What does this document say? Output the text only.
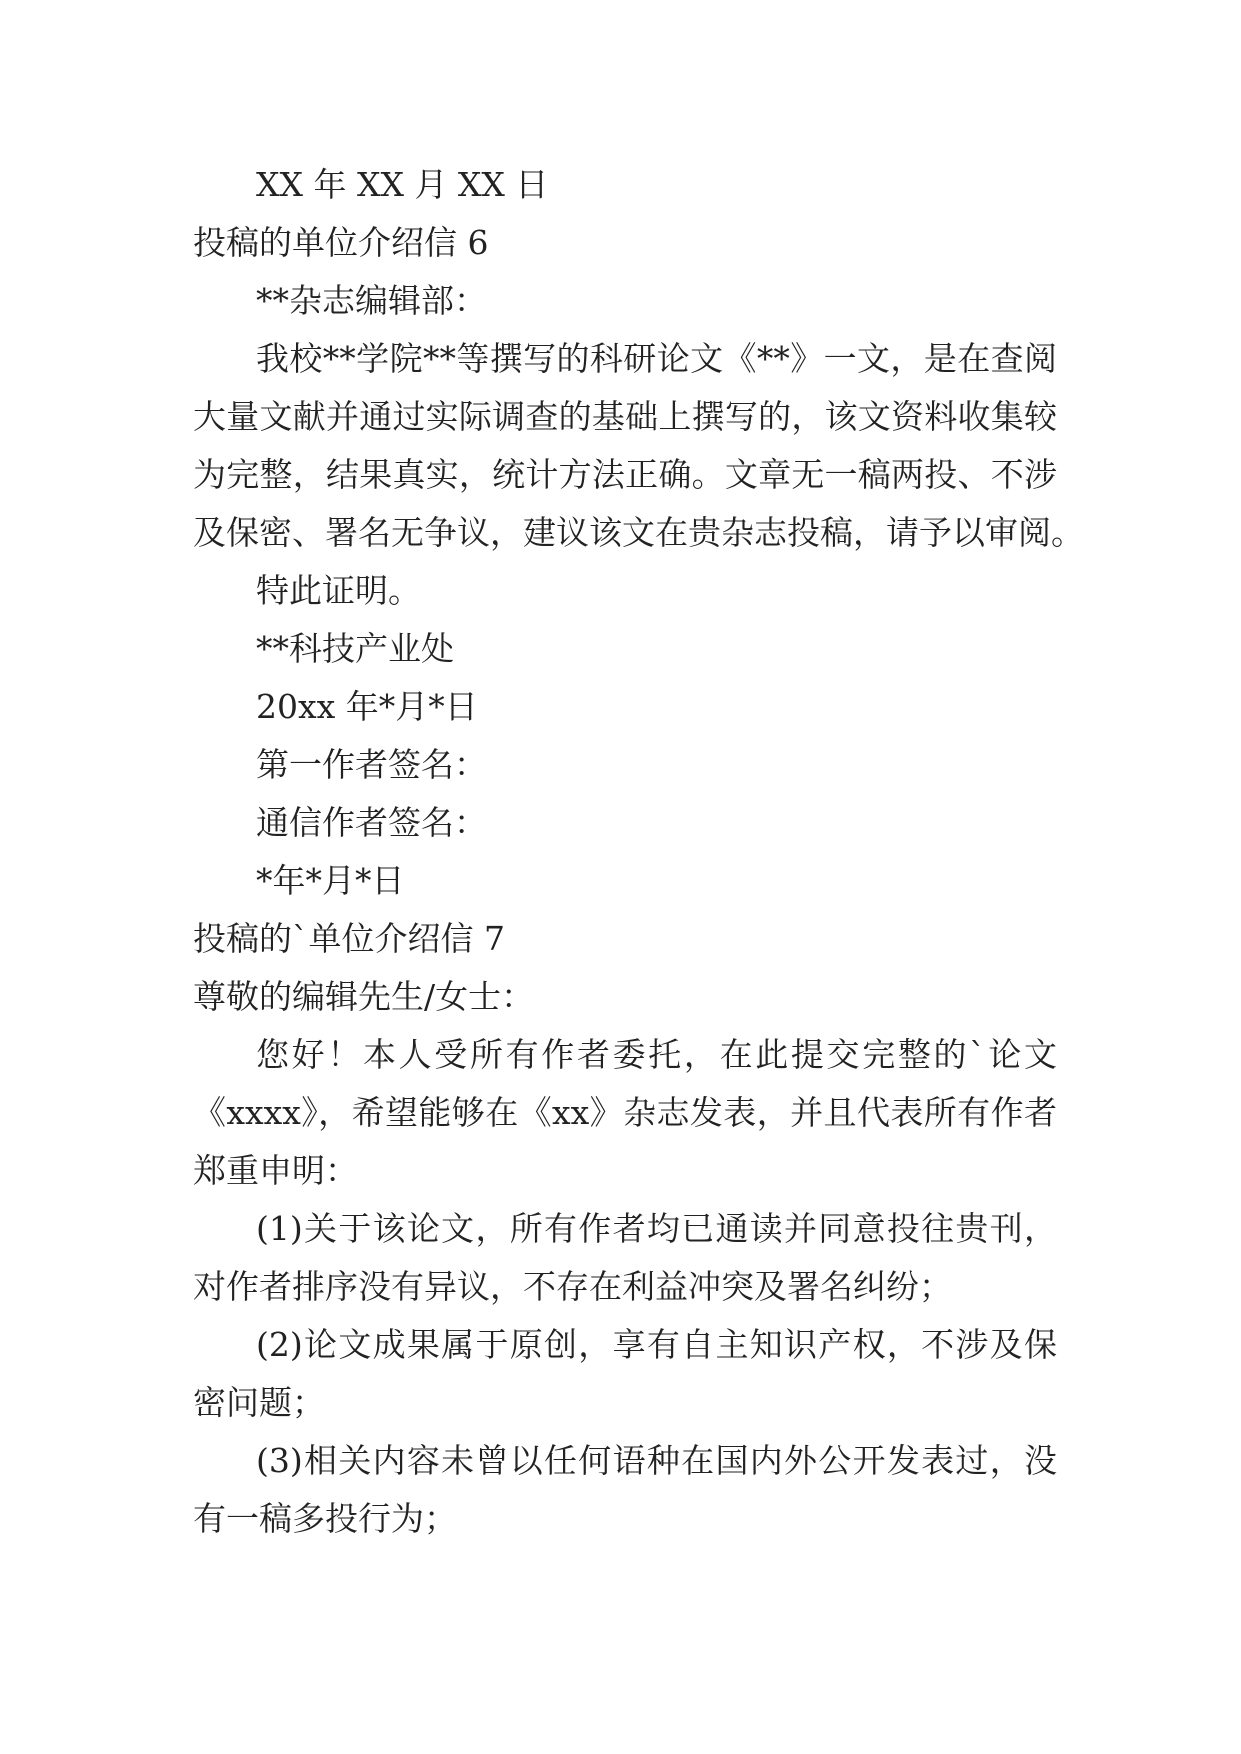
XX 年 XX 月 XX 日
投稿的单位介绍信 6
**杂志编辑部：
我校**学院**等撰写的科研论文《**》一文，是在查阅
大量文献并通过实际调查的基础上撰写的，该文资料收集较
为完整，结果真实，统计方法正确。文章无一稿两投、不涉
及保密、署名无争议，建议该文在贵杂志投稿，请予以审阅。
特此证明。
**科技产业处
20xx 年*月*日
第一作者签名：
通信作者签名：
*年*月*日
投稿的`单位介绍信 7
尊敬的编辑先生/女士：
您好！本人受所有作者委托，在此提交完整的`论文
《xxxx》，希望能够在《xx》杂志发表，并且代表所有作者
郑重申明：
(1)关于该论文，所有作者均已通读并同意投往贵刊，
对作者排序没有异议，不存在利益冲突及署名纠纷；
(2)论文成果属于原创，享有自主知识产权，不涉及保
密问题；
(3)相关内容未曾以任何语种在国内外公开发表过，没
有一稿多投行为；
